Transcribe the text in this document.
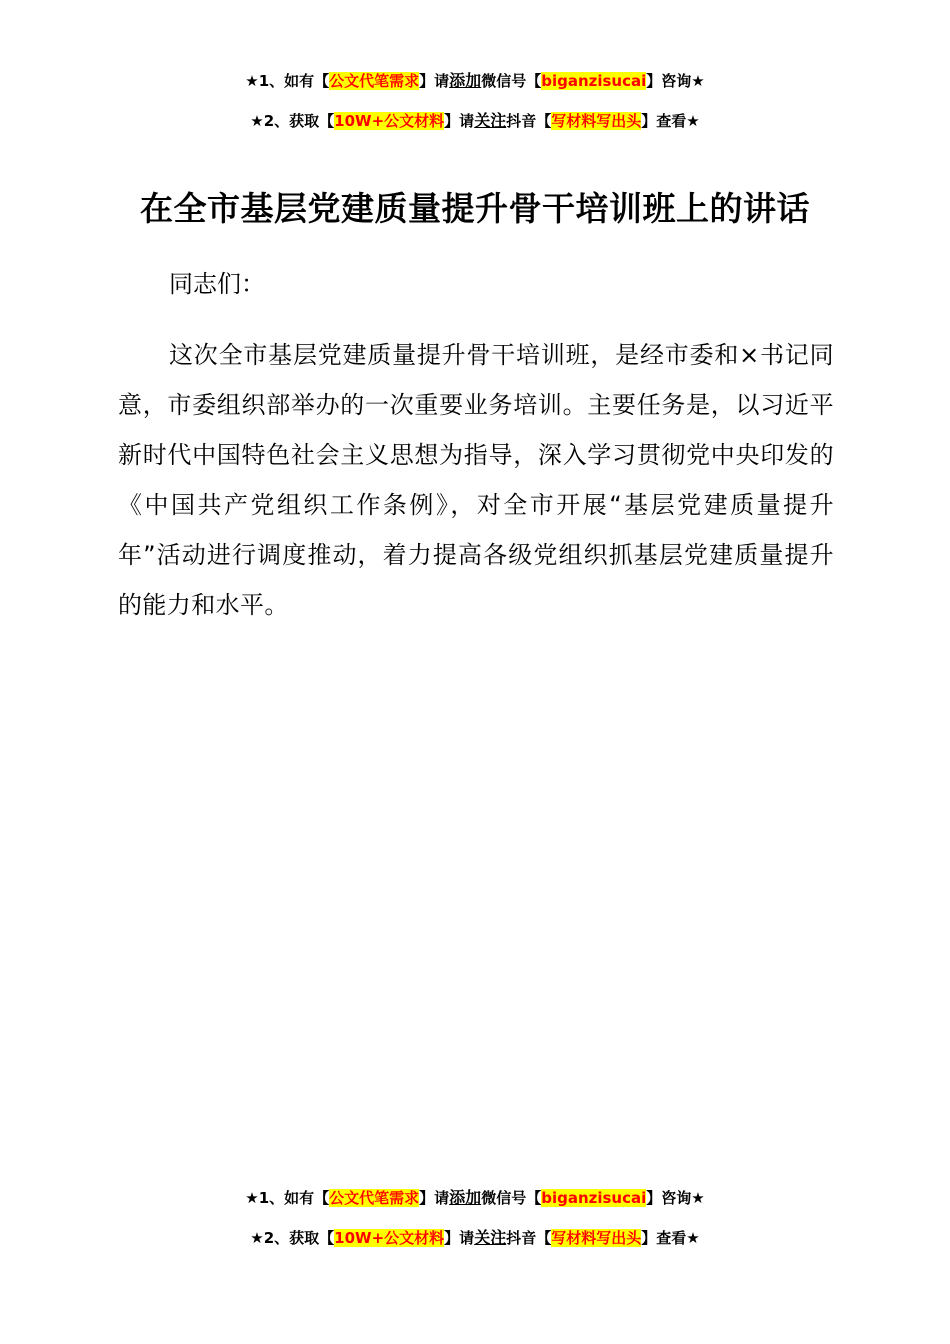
★1、如有【公文代笔需求】请添加微信号【biganzisucai】咨询★
★2、获取【10W+公文材料】请关注抖音【写材料写出头】查看★
在全市基层党建质量提升骨干培训班上的讲话

同志们：

这次全市基层党建质量提升骨干培训班，是经市委和×书记同意，市委组织部举办的一次重要业务培训。主要任务是，以习近平新时代中国特色社会主义思想为指导，深入学习贯彻党中央印发的《中国共产党组织工作条例》，对全市开展“基层党建质量提升年”活动进行调度推动，着力提高各级党组织抓基层党建质量提升的能力和水平。

★1、如有【公文代笔需求】请添加微信号【biganzisucai】咨询★
★2、获取【10W+公文材料】请关注抖音【写材料写出头】查看★
